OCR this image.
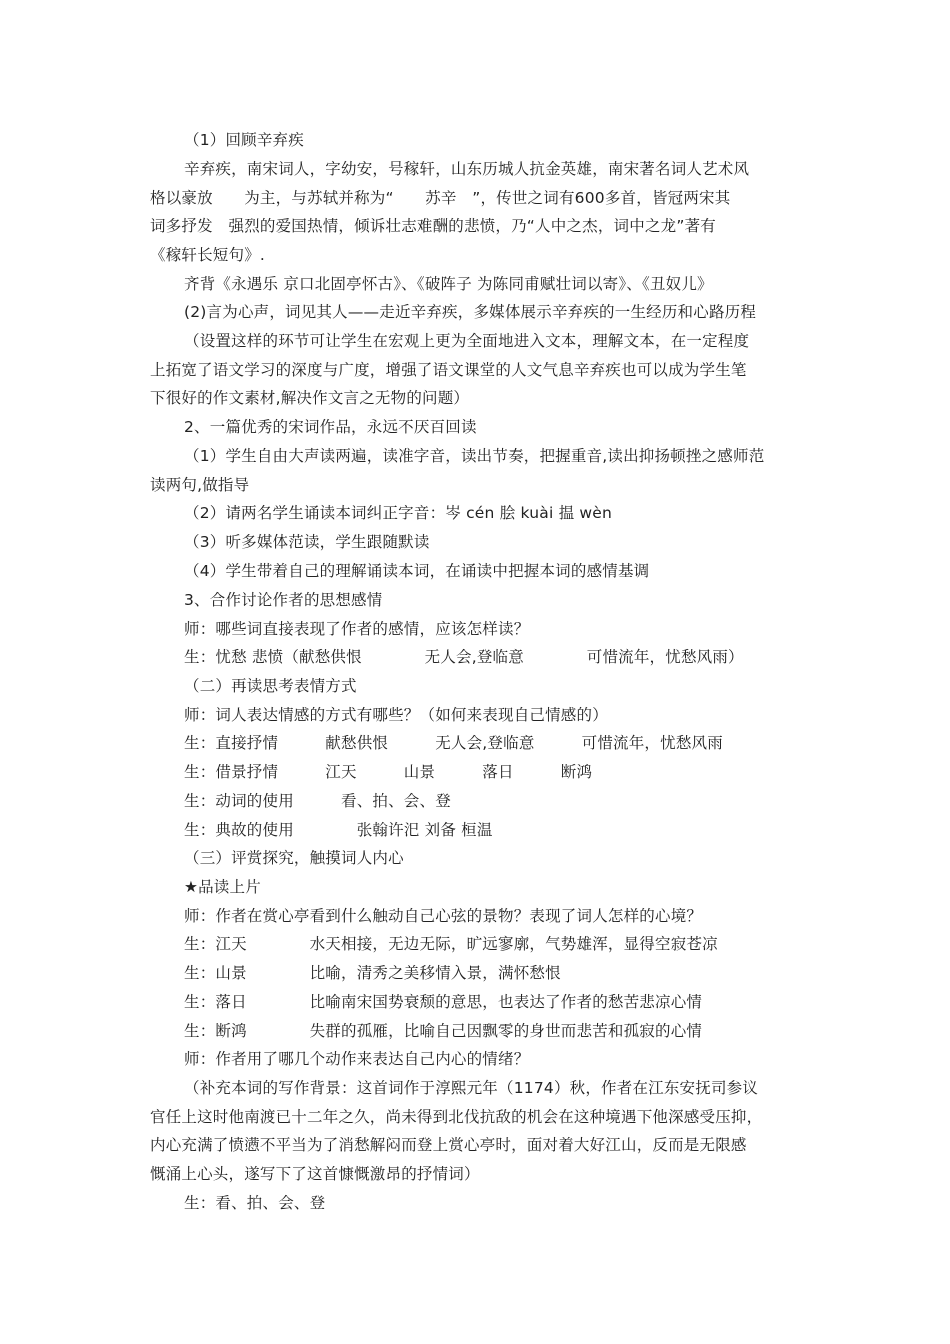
（1）回顾辛弃疾
辛弃疾，南宋词人，字幼安，号稼轩，山东历城人抗金英雄，南宋著名词人艺术风
格以豪放　　为主，与苏轼并称为“　　苏辛　”，传世之词有600多首，皆冠两宋其
词多抒发　强烈的爱国热情，倾诉壮志难酬的悲愤，乃“人中之杰，词中之龙”著有
《稼轩长短句》.
齐背《永遇乐 京口北固亭怀古》、《破阵子 为陈同甫赋壮词以寄》、《丑奴儿》
(2)言为心声，词见其人——走近辛弃疾，多媒体展示辛弃疾的一生经历和心路历程
（设置这样的环节可让学生在宏观上更为全面地进入文本，理解文本，在一定程度
上拓宽了语文学习的深度与广度，增强了语文课堂的人文气息辛弃疾也可以成为学生笔
下很好的作文素材,解决作文言之无物的问题）
2、一篇优秀的宋词作品，永远不厌百回读
（1）学生自由大声读两遍，读准字音，读出节奏，把握重音,读出抑扬顿挫之感师范
读两句,做指导
（2）请两名学生诵读本词纠正字音：岑 cén 脍 kuài 揾 wèn
（3）听多媒体范读，学生跟随默读
（4）学生带着自己的理解诵读本词，在诵读中把握本词的感情基调
3、合作讨论作者的思想感情
师：哪些词直接表现了作者的感情，应该怎样读？
生：忧愁 悲愤（献愁供恨　　　　无人会,登临意　　　　可惜流年，忧愁风雨）
（二）再读思考表情方式
师：词人表达情感的方式有哪些？（如何来表现自己情感的）
生：直接抒情　　　献愁供恨　　　无人会,登临意　　　可惜流年，忧愁风雨
生：借景抒情　　　江天　　　山景　　　落日　　　断鸿
生：动词的使用　　　看、拍、会、登
生：典故的使用　　　　张翰许汜 刘备 桓温
（三）评赏探究，触摸词人内心
★品读上片
师：作者在赏心亭看到什么触动自己心弦的景物？表现了词人怎样的心境？
生：江天　　　　水天相接，无边无际，旷远寥廓，气势雄浑，显得空寂苍凉
生：山景　　　　比喻，清秀之美移情入景，满怀愁恨
生：落日　　　　比喻南宋国势衰颓的意思，也表达了作者的愁苦悲凉心情
生：断鸿　　　　失群的孤雁，比喻自己因飘零的身世而悲苦和孤寂的心情
师：作者用了哪几个动作来表达自己内心的情绪？
（补充本词的写作背景：这首词作于淳熙元年（1174）秋，作者在江东安抚司参议
官任上这时他南渡已十二年之久，尚未得到北伐抗敌的机会在这种境遇下他深感受压抑，
内心充满了愤懑不平当为了消愁解闷而登上赏心亭时，面对着大好江山，反而是无限感
慨涌上心头，遂写下了这首慷慨激昂的抒情词）
生：看、拍、会、登
